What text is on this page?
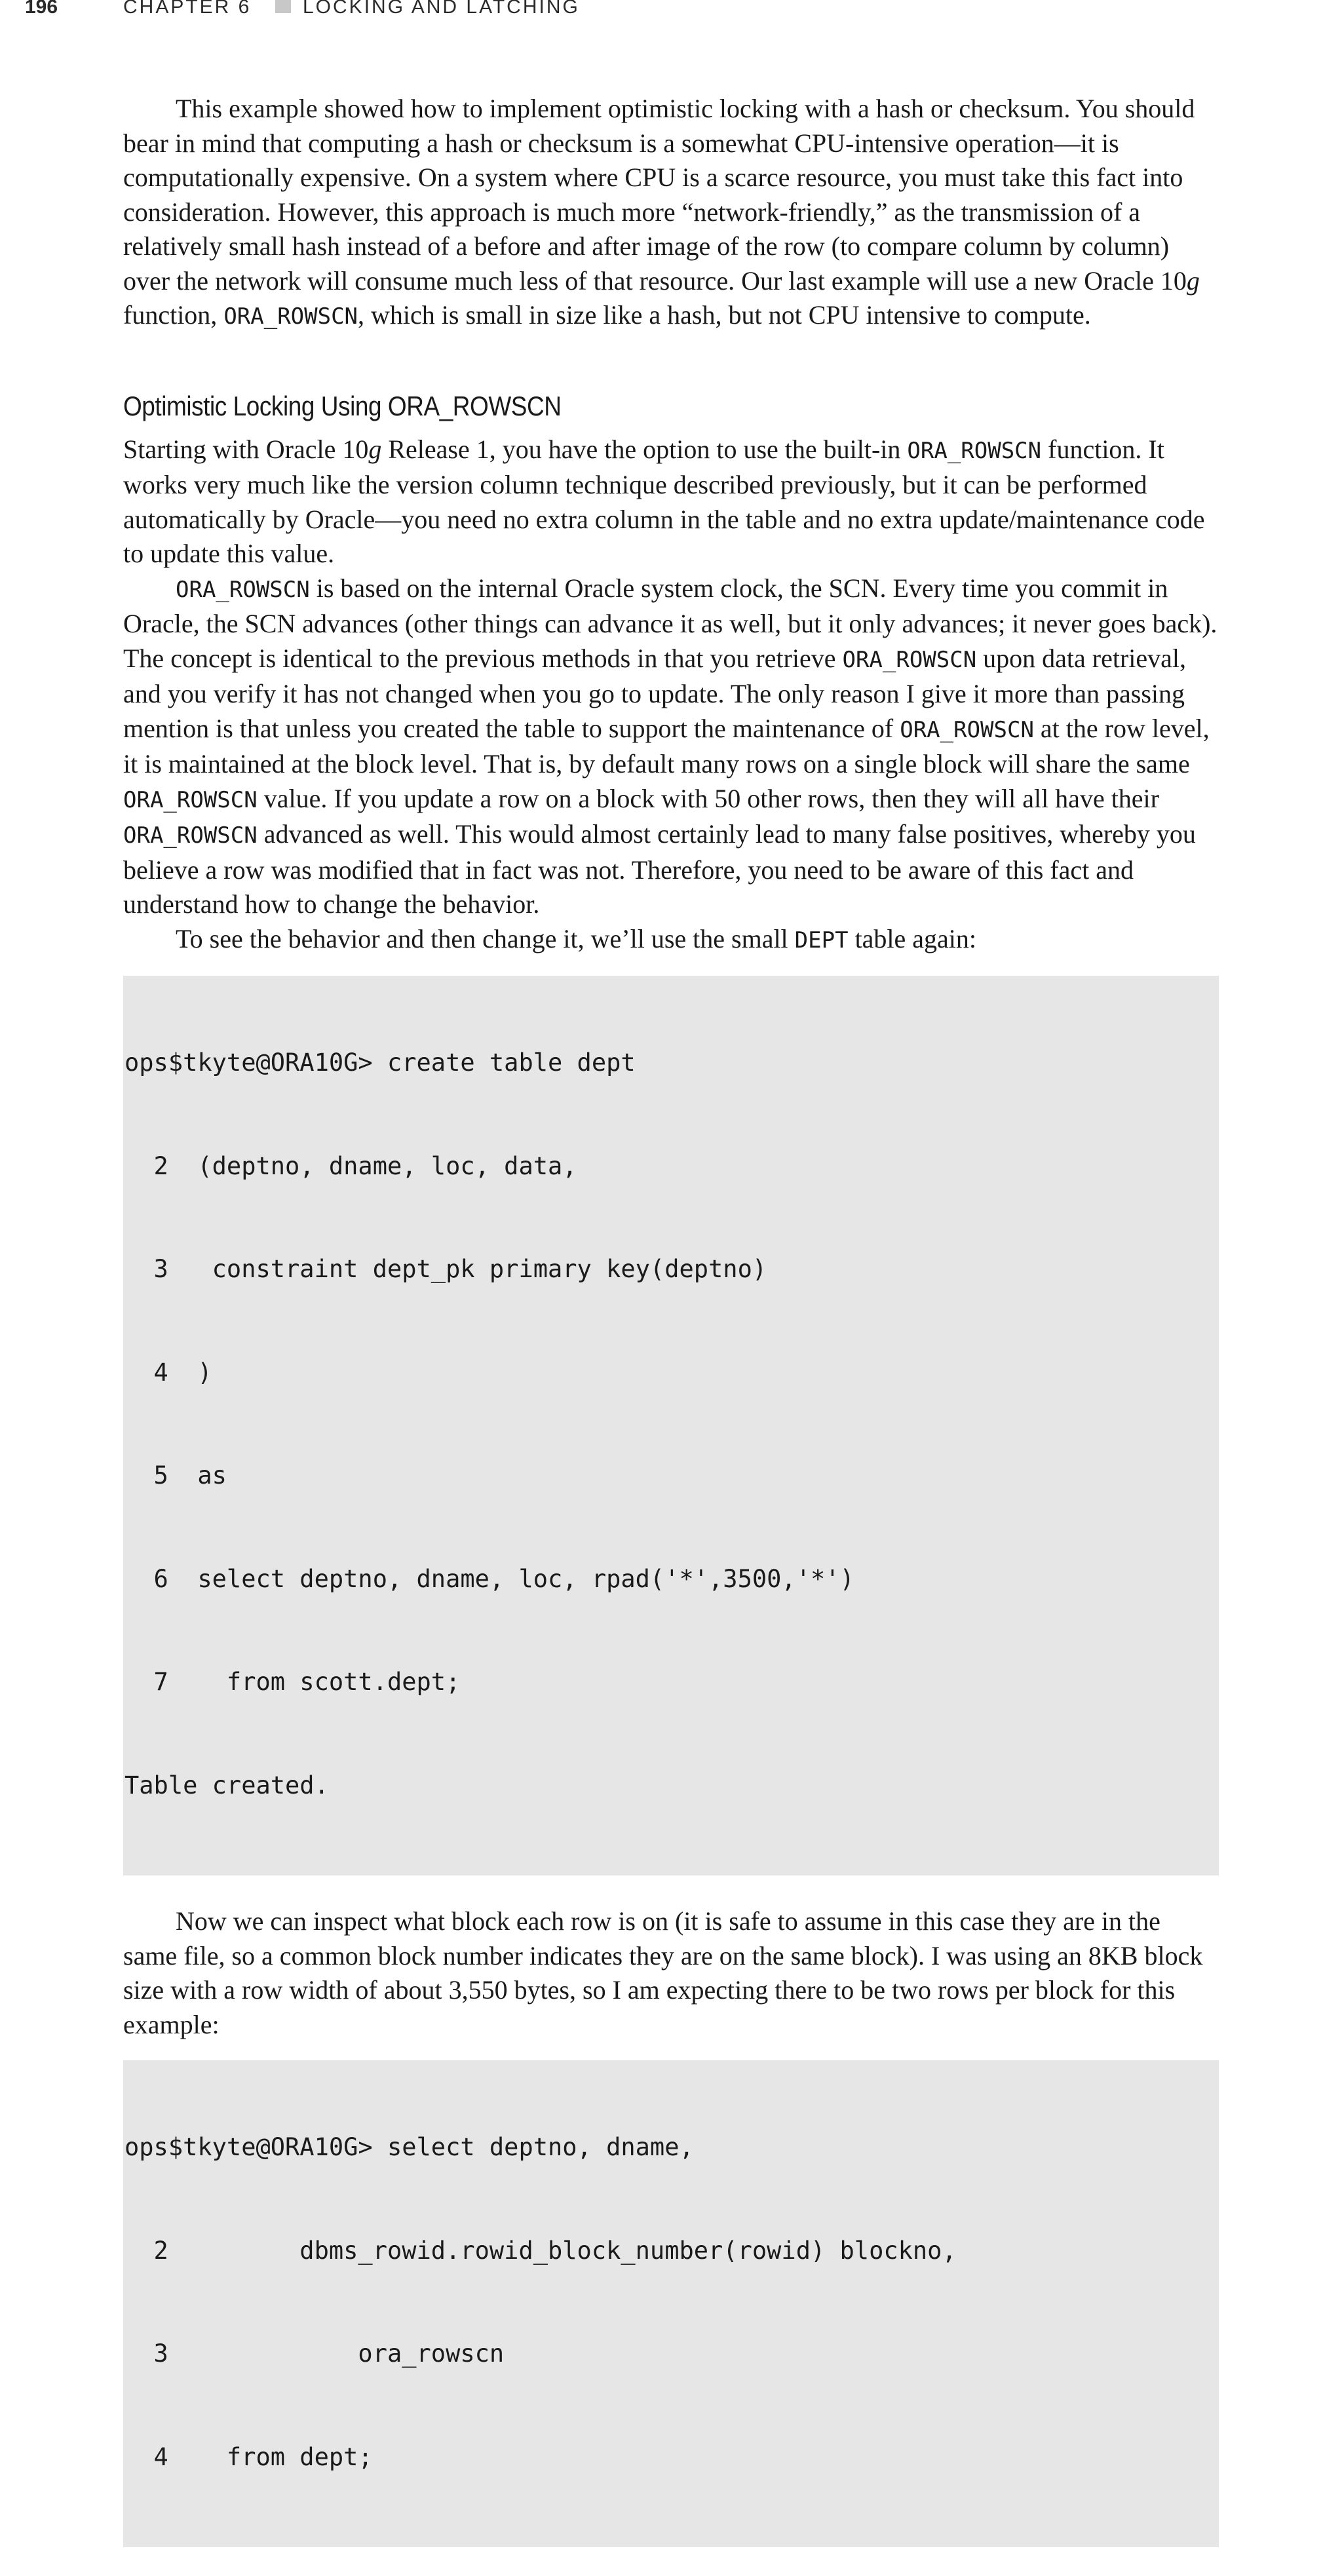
196	CHAPTER 6	LOCKING AND LATCHING

This example showed how to implement optimistic locking with a hash or checksum. You should bear in mind that computing a hash or checksum is a somewhat CPU-intensive operation—it is computationally expensive. On a system where CPU is a scarce resource, you must take this fact into consideration. However, this approach is much more “network-friendly,” as the transmission of a relatively small hash instead of a before and after image of the row (to compare column by column) over the network will consume much less of that resource. Our last example will use a new Oracle 10g function, ORA_ROWSCN, which is small in size like a hash, but not CPU intensive to compute.

Optimistic Locking Using ORA_ROWSCN

Starting with Oracle 10g Release 1, you have the option to use the built-in ORA_ROWSCN function. It works very much like the version column technique described previously, but it can be performed automatically by Oracle—you need no extra column in the table and no extra update/maintenance code to update this value.

ORA_ROWSCN is based on the internal Oracle system clock, the SCN. Every time you commit in Oracle, the SCN advances (other things can advance it as well, but it only advances; it never goes back). The concept is identical to the previous methods in that you retrieve ORA_ROWSCN upon data retrieval, and you verify it has not changed when you go to update. The only reason I give it more than passing mention is that unless you created the table to support the maintenance of ORA_ROWSCN at the row level, it is maintained at the block level. That is, by default many rows on a single block will share the same ORA_ROWSCN value. If you update a row on a block with 50 other rows, then they will all have their ORA_ROWSCN advanced as well. This would almost certainly lead to many false positives, whereby you believe a row was modified that in fact was not. Therefore, you need to be aware of this fact and understand how to change the behavior.

To see the behavior and then change it, we’ll use the small DEPT table again:

ops$tkyte@ORA10G> create table dept

2  (deptno, dname, loc, data,

3   constraint dept_pk primary key(deptno)

4  )

5  as

6  select deptno, dname, loc, rpad('*',3500,'*')

7    from scott.dept;

Table created.

Now we can inspect what block each row is on (it is safe to assume in this case they are in the same file, so a common block number indicates they are on the same block). I was using an 8KB block size with a row width of about 3,550 bytes, so I am expecting there to be two rows per block for this example:

ops$tkyte@ORA10G> select deptno, dname,

2         dbms_rowid.rowid_block_number(rowid) blockno,

3             ora_rowscn

4    from dept;
